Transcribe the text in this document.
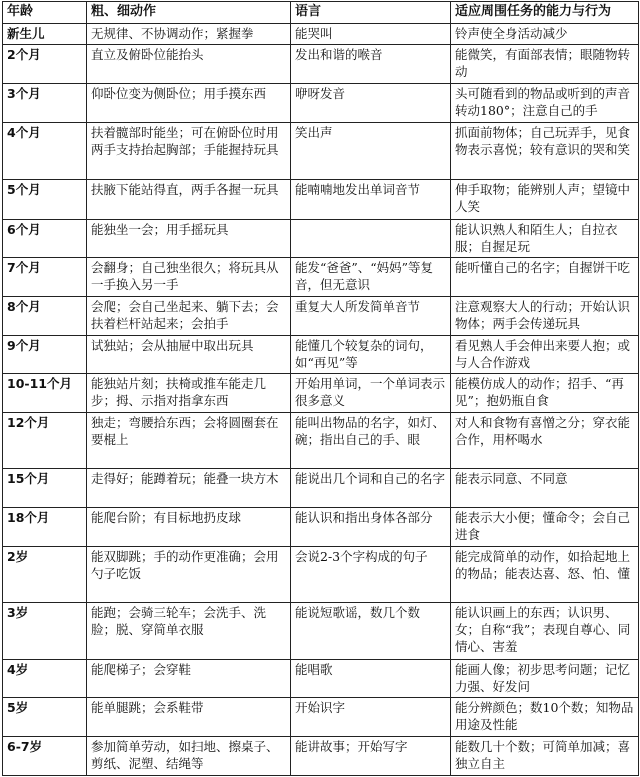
年龄	粗、细动作	语言	适应周围任务的能力与行为
新生儿	无规律、不协调动作；紧握拳	能哭叫	铃声使全身活动减少
2个月	直立及俯卧位能抬头	发出和谐的喉音	能微笑，有面部表情；眼随物转动
3个月	仰卧位变为侧卧位；用手摸东西	咿呀发音	头可随看到的物品或听到的声音转动180°；注意自己的手
4个月	扶着髋部时能坐；可在俯卧位时用两手支持抬起胸部；手能握持玩具	笑出声	抓面前物体；自己玩弄手，见食物表示喜悦；较有意识的哭和笑
5个月	扶腋下能站得直，两手各握一玩具	能喃喃地发出单词音节	伸手取物；能辨别人声；望镜中人笑
6个月	能独坐一会；用手摇玩具		能认识熟人和陌生人；自拉衣服；自握足玩
7个月	会翻身；自己独坐很久；将玩具从一手换入另一手	能发“爸爸”、“妈妈”等复音，但无意识	能听懂自己的名字；自握饼干吃
8个月	会爬；会自己坐起来、躺下去；会扶着栏杆站起来；会拍手	重复大人所发简单音节	注意观察大人的行动；开始认识物体；两手会传递玩具
9个月	试独站；会从抽屉中取出玩具	能懂几个较复杂的词句，如“再见”等	看见熟人手会伸出来要人抱；或与人合作游戏
10-11个月	能独站片刻；扶椅或推车能走几步；拇、示指对指拿东西	开始用单词，一个单词表示很多意义	能模仿成人的动作；招手、“再见”；抱奶瓶自食
12个月	独走；弯腰拾东西；会将圆圈套在要棍上	能叫出物品的名字，如灯、碗；指出自己的手、眼	对人和食物有喜憎之分；穿衣能合作，用杯喝水
15个月	走得好；能蹲着玩；能叠一块方木	能说出几个词和自己的名字	能表示同意、不同意
18个月	能爬台阶；有目标地扔皮球	能认识和指出身体各部分	能表示大小便；懂命令；会自己进食
2岁	能双脚跳；手的动作更准确；会用勺子吃饭	会说2-3个字构成的句子	能完成简单的动作，如拾起地上的物品；能表达喜、怒、怕、懂
3岁	能跑；会骑三轮车；会洗手、洗脸；脱、穿简单衣服	能说短歌谣，数几个数	能认识画上的东西；认识男、女；自称“我”；表现自尊心、同情心、害羞
4岁	能爬梯子；会穿鞋	能唱歌	能画人像；初步思考问题；记忆力强、好发问
5岁	能单腿跳；会系鞋带	开始识字	能分辨颜色；数10个数；知物品用途及性能
6-7岁	参加简单劳动，如扫地、擦桌子、剪纸、泥塑、结绳等	能讲故事；开始写字	能数几十个数；可简单加减；喜独立自主
